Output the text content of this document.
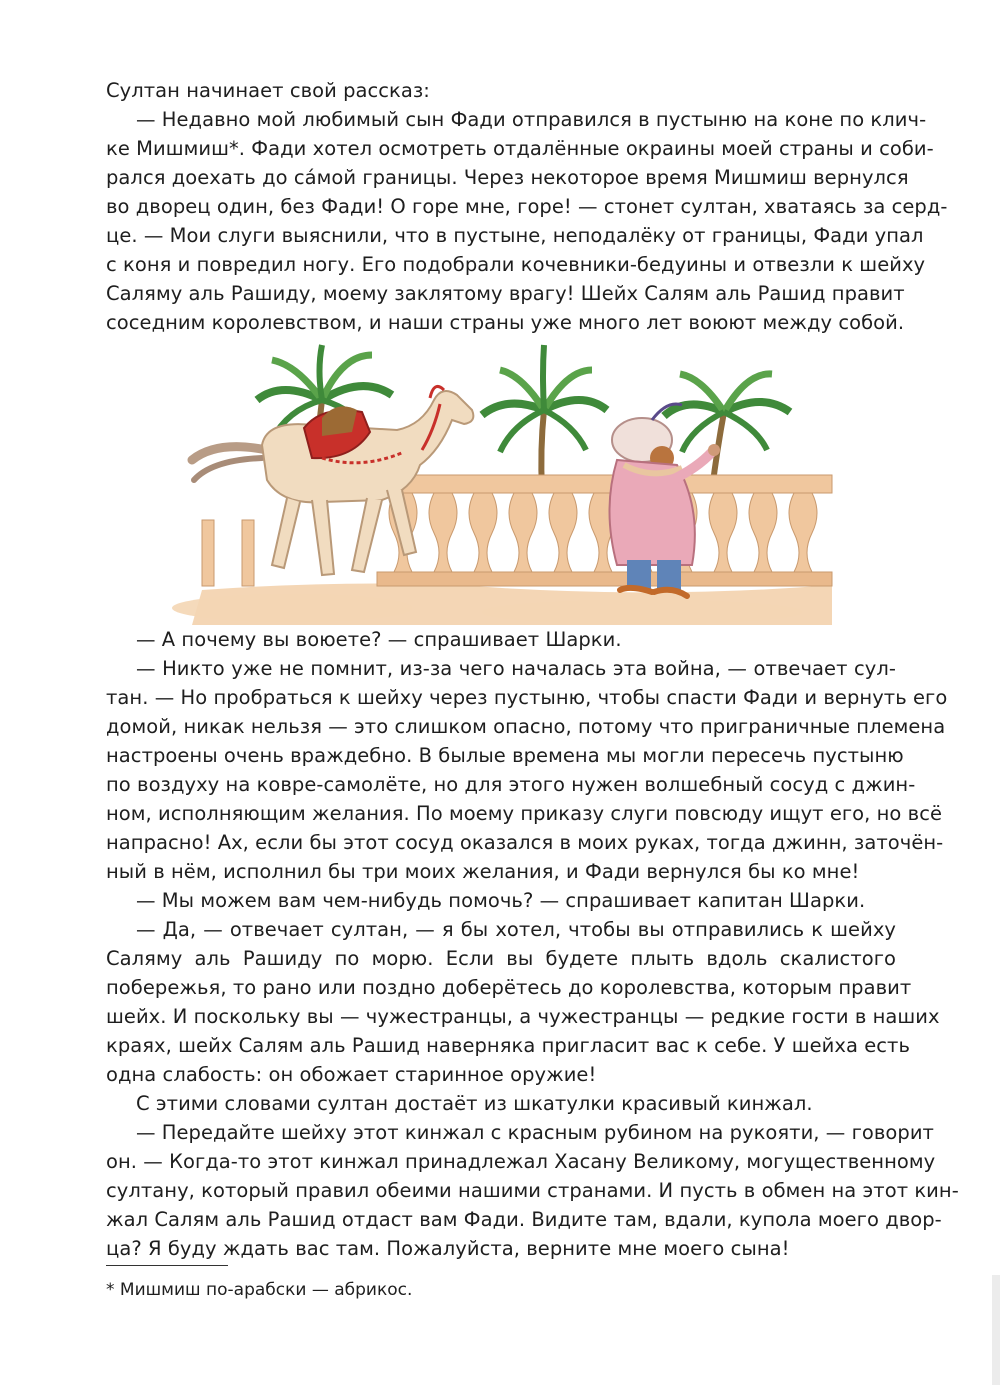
Султан начинает свой рассказ:
— Недавно мой любимый сын Фади отправился в пустыню на коне по клич-
ке Мишмиш*. Фади хотел осмотреть отдалённые окраины моей страны и соби-
рался доехать до са́мой границы. Через некоторое время Мишмиш вернулся
во дворец один, без Фади! О горе мне, горе! — стонет султан, хватаясь за серд-
це. — Мои слуги выяснили, что в пустыне, неподалёку от границы, Фади упал
с коня и повредил ногу. Его подобрали кочевники-бедуины и отвезли к шейху
Саляму аль Рашиду, моему заклятому врагу! Шейх Салям аль Рашид правит
соседним королевством, и наши страны уже много лет воюют между собой.
— А почему вы воюете? — спрашивает Шарки.
— Никто уже не помнит, из-за чего началась эта война, — отвечает сул-
тан. — Но пробраться к шейху через пустыню, чтобы спасти Фади и вернуть его
домой, никак нельзя — это слишком опасно, потому что приграничные племена
настроены очень враждебно. В былые времена мы могли пересечь пустыню
по воздуху на ковре-самолёте, но для этого нужен волшебный сосуд с джин-
ном, исполняющим желания. По моему приказу слуги повсюду ищут его, но всё
напрасно! Ах, если бы этот сосуд оказался в моих руках, тогда джинн, заточён-
ный в нём, исполнил бы три моих желания, и Фади вернулся бы ко мне!
— Мы можем вам чем-нибудь помочь? — спрашивает капитан Шарки.
— Да, — отвечает султан, — я бы хотел, чтобы вы отправились к шейху
Саляму аль Рашиду по морю. Если вы будете плыть вдоль скалистого
побережья, то рано или поздно доберётесь до королевства, которым правит
шейх. И поскольку вы — чужестранцы, а чужестранцы — редкие гости в наших
краях, шейх Салям аль Рашид наверняка пригласит вас к себе. У шейха есть
одна слабость: он обожает старинное оружие!
С этими словами султан достаёт из шкатулки красивый кинжал.
— Передайте шейху этот кинжал с красным рубином на рукояти, — говорит
он. — Когда-то этот кинжал принадлежал Хасану Великому, могущественному
султану, который правил обеими нашими странами. И пусть в обмен на этот кин-
жал Салям аль Рашид отдаст вам Фади. Видите там, вдали, купола моего двор-
ца? Я буду ждать вас там. Пожалуйста, верните мне моего сына!
* Мишмиш по-арабски — абрикос.
